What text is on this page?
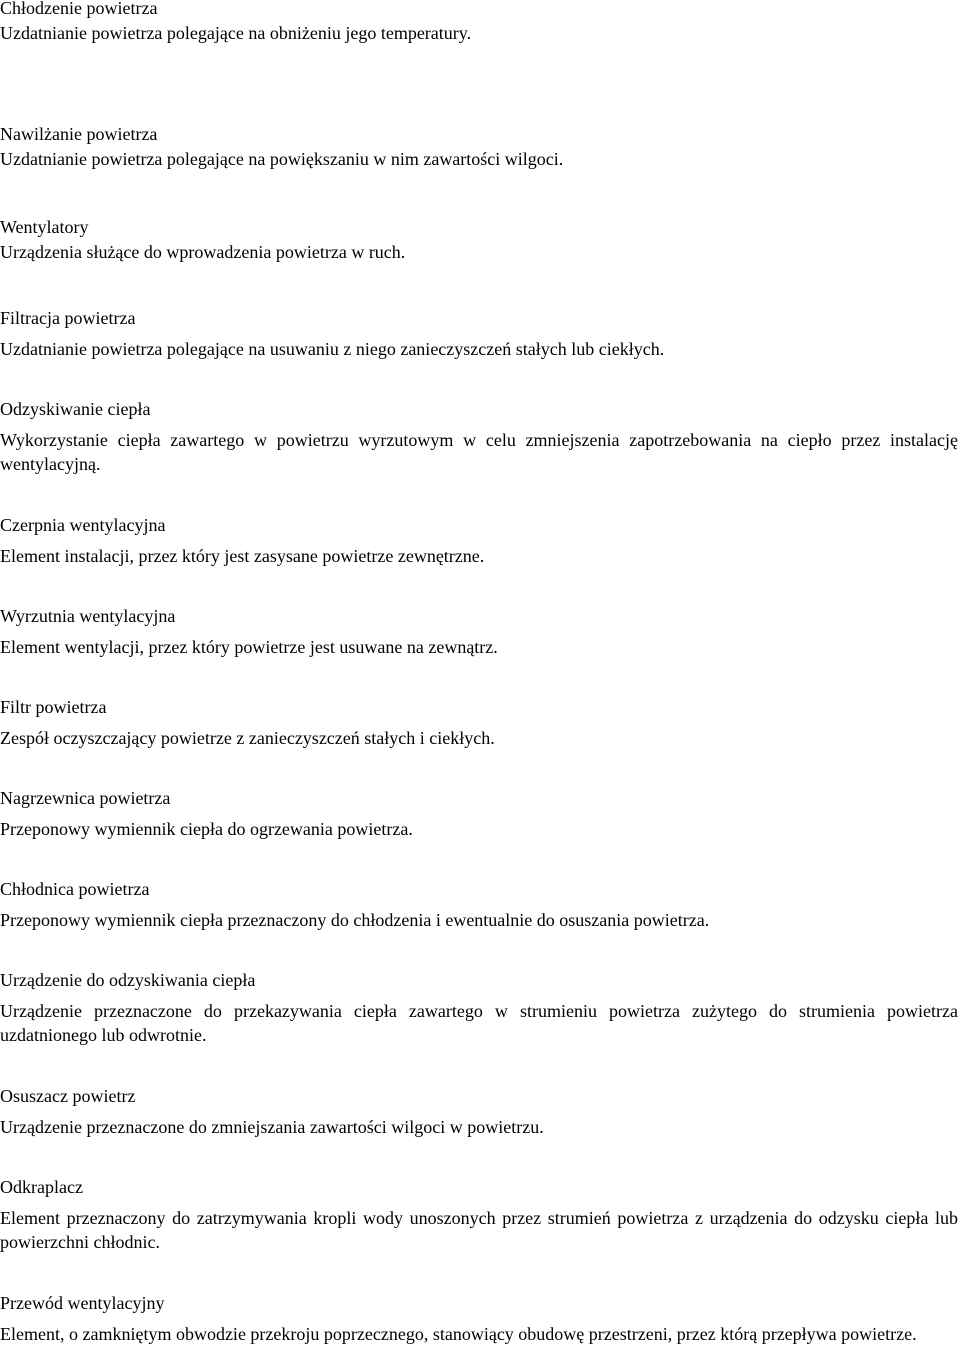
Chłodzenie powietrza
Uzdatnianie powietrza polegające na obniżeniu jego temperatury.
Nawilżanie powietrza
Uzdatnianie powietrza polegające na powiększaniu w nim zawartości wilgoci.
Wentylatory
Urządzenia służące do wprowadzenia powietrza w ruch.
Filtracja powietrza
Uzdatnianie powietrza polegające na usuwaniu z niego zanieczyszczeń stałych lub ciekłych.
Odzyskiwanie ciepła
Wykorzystanie ciepła zawartego w powietrzu wyrzutowym w celu zmniejszenia zapotrzebowania na ciepło przez instalację wentylacyjną.
Czerpnia wentylacyjna
Element instalacji, przez który jest zasysane powietrze zewnętrzne.
Wyrzutnia wentylacyjna
Element wentylacji, przez który powietrze jest usuwane na zewnątrz.
Filtr powietrza
Zespół oczyszczający powietrze z zanieczyszczeń stałych i ciekłych.
Nagrzewnica powietrza
Przeponowy wymiennik ciepła do ogrzewania powietrza.
Chłodnica powietrza
Przeponowy wymiennik ciepła przeznaczony do chłodzenia i ewentualnie do osuszania powietrza.
Urządzenie do odzyskiwania ciepła
Urządzenie przeznaczone do przekazywania ciepła zawartego w strumieniu powietrza zużytego do strumienia powietrza uzdatnionego lub odwrotnie.
Osuszacz powietrz
Urządzenie przeznaczone do zmniejszania zawartości wilgoci w powietrzu.
Odkraplacz
Element przeznaczony do zatrzymywania kropli wody unoszonych przez strumień powietrza z urządzenia do odzysku ciepła lub powierzchni chłodnic.
Przewód wentylacyjny
Element, o zamkniętym obwodzie przekroju poprzecznego, stanowiący obudowę przestrzeni, przez którą przepływa powietrze.
